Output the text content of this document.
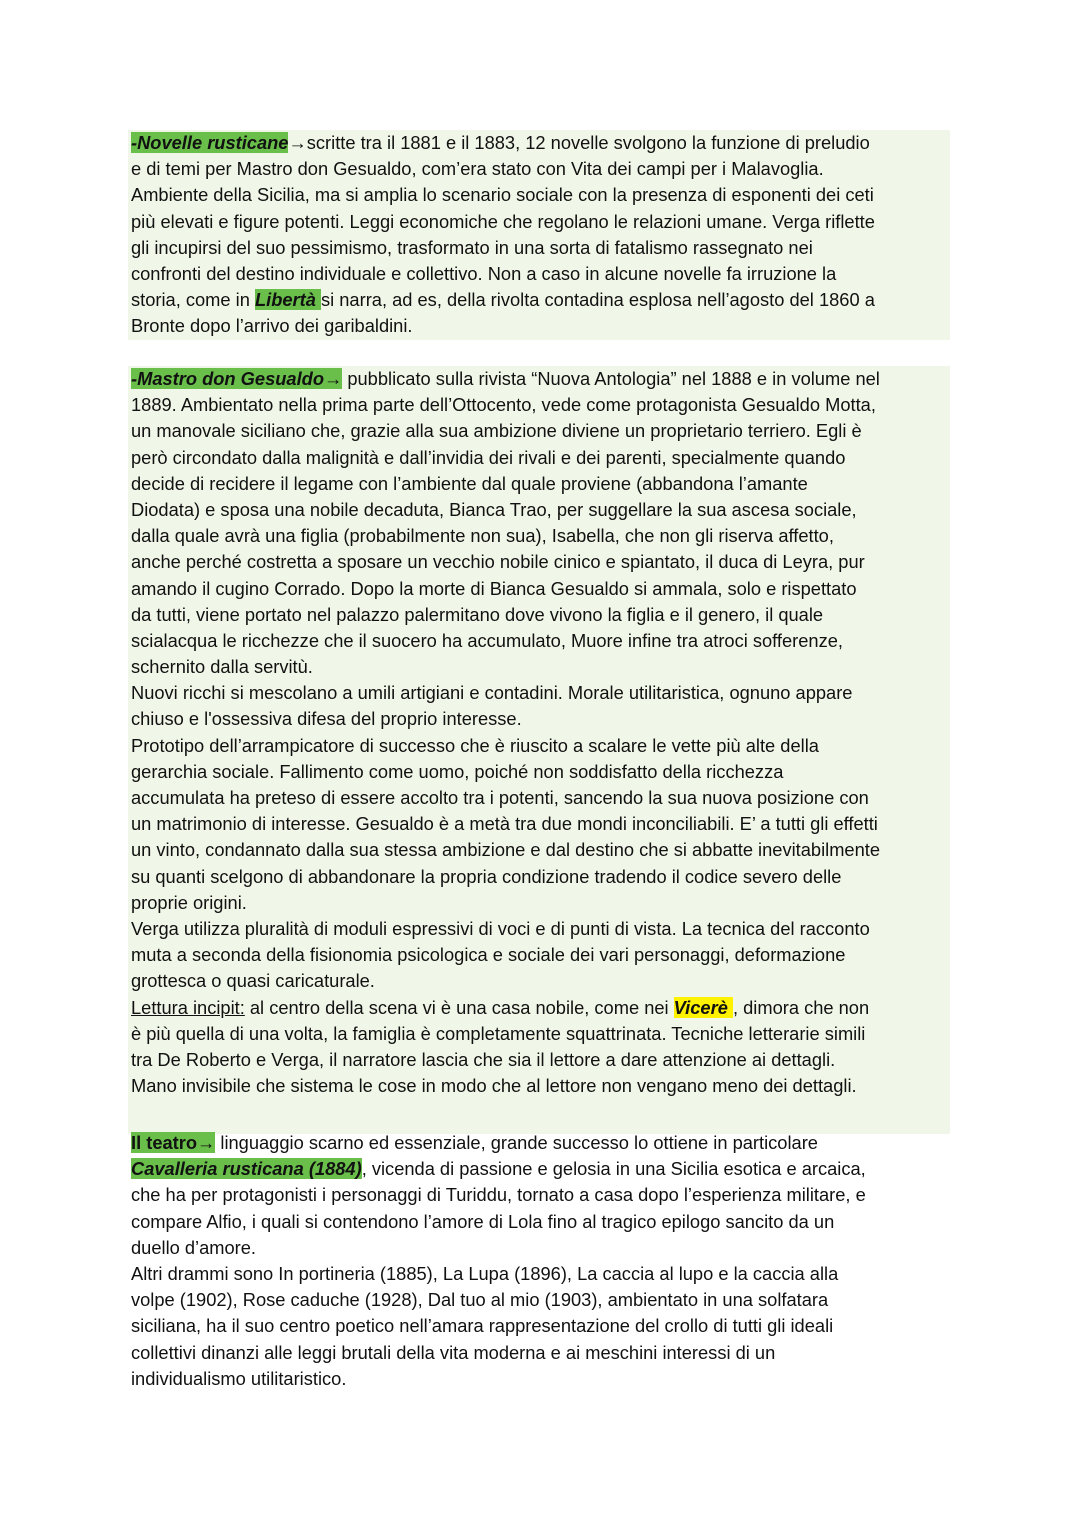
-Novelle rusticane→scritte tra il 1881 e il 1883, 12 novelle svolgono la funzione di preludio
e di temi per Mastro don Gesualdo, com’era stato con Vita dei campi per i Malavoglia.
Ambiente della Sicilia, ma si amplia lo scenario sociale con la presenza di esponenti dei ceti
più elevati e figure potenti. Leggi economiche che regolano le relazioni umane. Verga riflette
gli incupirsi del suo pessimismo, trasformato in una sorta di fatalismo rassegnato nei
confronti del destino individuale e collettivo. Non a caso in alcune novelle fa irruzione la
storia, come in Libertà si narra, ad es, della rivolta contadina esplosa nell’agosto del 1860 a
Bronte dopo l’arrivo dei garibaldini.
-Mastro don Gesualdo→ pubblicato sulla rivista “Nuova Antologia” nel 1888 e in volume nel
1889. Ambientato nella prima parte dell’Ottocento, vede come protagonista Gesualdo Motta,
un manovale siciliano che, grazie alla sua ambizione diviene un proprietario terriero. Egli è
però circondato dalla malignità e dall’invidia dei rivali e dei parenti, specialmente quando
decide di recidere il legame con l’ambiente dal quale proviene (abbandona l’amante
Diodata) e sposa una nobile decaduta, Bianca Trao, per suggellare la sua ascesa sociale,
dalla quale avrà una figlia (probabilmente non sua), Isabella, che non gli riserva affetto,
anche perché costretta a sposare un vecchio nobile cinico e spiantato, il duca di Leyra, pur
amando il cugino Corrado. Dopo la morte di Bianca Gesualdo si ammala, solo e rispettato
da tutti, viene portato nel palazzo palermitano dove vivono la figlia e il genero, il quale
scialacqua le ricchezze che il suocero ha accumulato, Muore infine tra atroci sofferenze,
schernito dalla servitù.
Nuovi ricchi si mescolano a umili artigiani e contadini. Morale utilitaristica, ognuno appare
chiuso e l'ossessiva difesa del proprio interesse.
Prototipo dell’arrampicatore di successo che è riuscito a scalare le vette più alte della
gerarchia sociale. Fallimento come uomo, poiché non soddisfatto della ricchezza
accumulata ha preteso di essere accolto tra i potenti, sancendo la sua nuova posizione con
un matrimonio di interesse. Gesualdo è a metà tra due mondi inconciliabili. E’ a tutti gli effetti
un vinto, condannato dalla sua stessa ambizione e dal destino che si abbatte inevitabilmente
su quanti scelgono di abbandonare la propria condizione tradendo il codice severo delle
proprie origini.
Verga utilizza pluralità di moduli espressivi di voci e di punti di vista. La tecnica del racconto
muta a seconda della fisionomia psicologica e sociale dei vari personaggi, deformazione
grottesca o quasi caricaturale.
Lettura incipit: al centro della scena vi è una casa nobile, come nei Vicerè , dimora che non
è più quella di una volta, la famiglia è completamente squattrinata. Tecniche letterarie simili
tra De Roberto e Verga, il narratore lascia che sia il lettore a dare attenzione ai dettagli.
Mano invisibile che sistema le cose in modo che al lettore non vengano meno dei dettagli.
Il teatro→ linguaggio scarno ed essenziale, grande successo lo ottiene in particolare
Cavalleria rusticana (1884), vicenda di passione e gelosia in una Sicilia esotica e arcaica,
che ha per protagonisti i personaggi di Turiddu, tornato a casa dopo l’esperienza militare, e
compare Alfio, i quali si contendono l’amore di Lola fino al tragico epilogo sancito da un
duello d’amore.
Altri drammi sono In portineria (1885), La Lupa (1896), La caccia al lupo e la caccia alla
volpe (1902), Rose caduche (1928), Dal tuo al mio (1903), ambientato in una solfatara
siciliana, ha il suo centro poetico nell’amara rappresentazione del crollo di tutti gli ideali
collettivi dinanzi alle leggi brutali della vita moderna e ai meschini interessi di un
individualismo utilitaristico.
